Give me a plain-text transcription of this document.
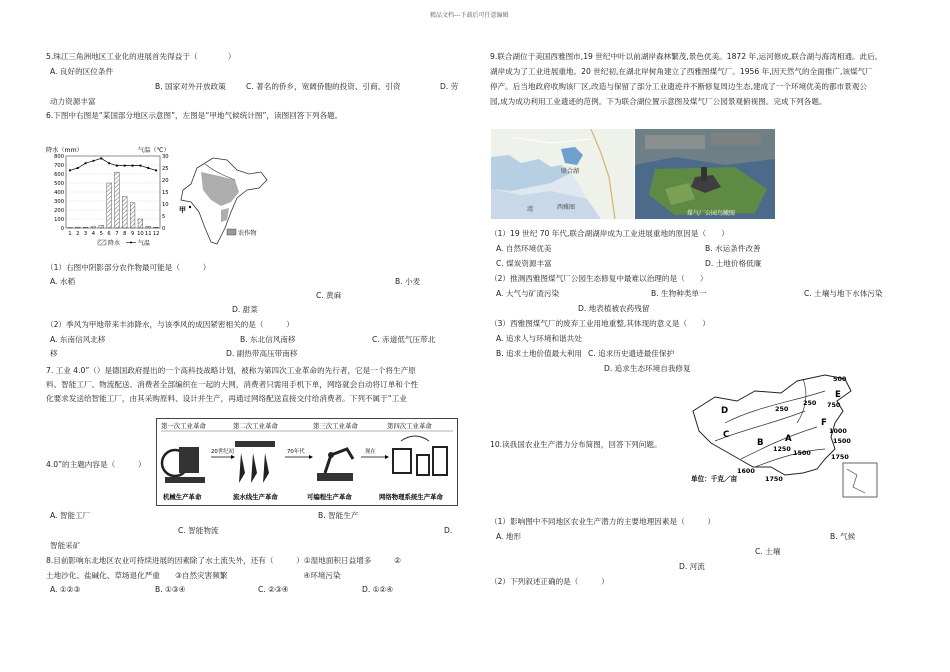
精品文档---下载后可任意编辑
5.珠江三角洲地区工业化的进展首先得益于（　　　　）
A. 良好的区位条件
B. 国家对外开放政策	C. 著名的侨乡，宽阔侨胞的投资、引商、引资	D. 劳
动力资源丰富
6.下图中右图是“某国部分地区示意图”，左图是“甲地气候统计图”，读图回答下列各题。
降水（mm）	气温（℃）
0
100
200
300
400
500
600
700
800
0
5
10
15
20
25
30
1 2 3 4 5 6 7 8 9 10 11 12
降水	气温
甲
农作物
（1）右图中阴影部分农作物最可能是（　　　）
A. 水稻	B. 小麦
C. 黄麻
D. 甜菜
（2）季风为甲地带来丰沛降水，与该季风的成因紧密相关的是（　　　）
A. 东南信风北移	B. 东北信风南移	C. 赤道低气压带北
移	D. 副热带高压带南移
7. 工业 4.0”（）是德国政府提出的一个高科技战略计划，被称为第四次工业革命的先行者，它是一个将生产原
料、智能工厂、物流配送、消费者全部编织在一起的大网，消费者只需用手机下单，网络就会自动将订单和个性
化要求发送给智能工厂，由其采购原料、设计并生产，再通过网络配送直接交付给消费者。下列不属于“工业
4.0”的主题内容是（　　　）
第一次工业革命	第二次工业革命	第三次工业革命	第四次工业革命
20世纪初	70年代	现在
机械生产革命	流水线生产革命	可编程生产革命	网络物理系统生产革命
A. 智能工厂	B. 智能生产
C. 智能物流	D.
智能采矿
8.目前影响东北地区农业可持续进展的因素除了水土流失外，还有（　　　）①湿地面积日益增多　　　②
土地沙化、盐碱化、草场退化严重　　③自然灾害频繁　　　　　　　　　　④环境污染
A. ①②③	B. ①③④	C. ②③④	D. ①②④
9.联合湖位于美国西雅图市,19 世纪中叶以前湖岸森林繁茂,景色优美。1872 年,运河修成,联合湖与海湾相通。此后,
湖岸成为了工业进展重地。20 世纪初,在湖北岸树角建立了西雅图煤气厂。1956 年,因天然气的全面推广,该煤气厂
停产。后当地政府收购该厂区,改造与保留了部分工业遗迹并不断修复周边生态,建成了一个环境优美的都市景观公
园,成为成功利用工业遗迹的范例。下为联合湖位置示意图及煤气厂公园景观俯视图。完成下列各题。
联合湖
西雅图
湾
煤气厂公园鸟瞰图
（1）19 世纪 70 年代,联合湖湖岸成为工业进展重地的原因是（　　）
A. 自然环境优美	B. 水运条件改善
C. 煤炭资源丰富	D. 土地价格低廉
（2）推测西雅图煤气厂公园生态修复中最难以治理的是（　　）
A. 大气与矿渣污染	B. 生物种类单一	C. 土壤与地下水体污染
D. 地表植被农药残留
（3）西雅图煤气厂的废弃工业用地重整,其体现的意义是（　　）
A. 追求人与环境和谐共处
B. 追求土地价值最大利用 C. 追求历史遗迹最佳保护
D. 追求生态环境自我修复
10.读我国农业生产潜力分布简图，回答下列问题。
500
250
250	750
1000
1500
1250 1500	1750
1600
1750
D
E
C
F
B A
单位：千克／亩
（1）影响图中不同地区农业生产潜力的主要地理因素是（　　　）
A. 地形	B. 气候
C. 土壤
D. 河流
（2）下列叙述正确的是（　　　）
